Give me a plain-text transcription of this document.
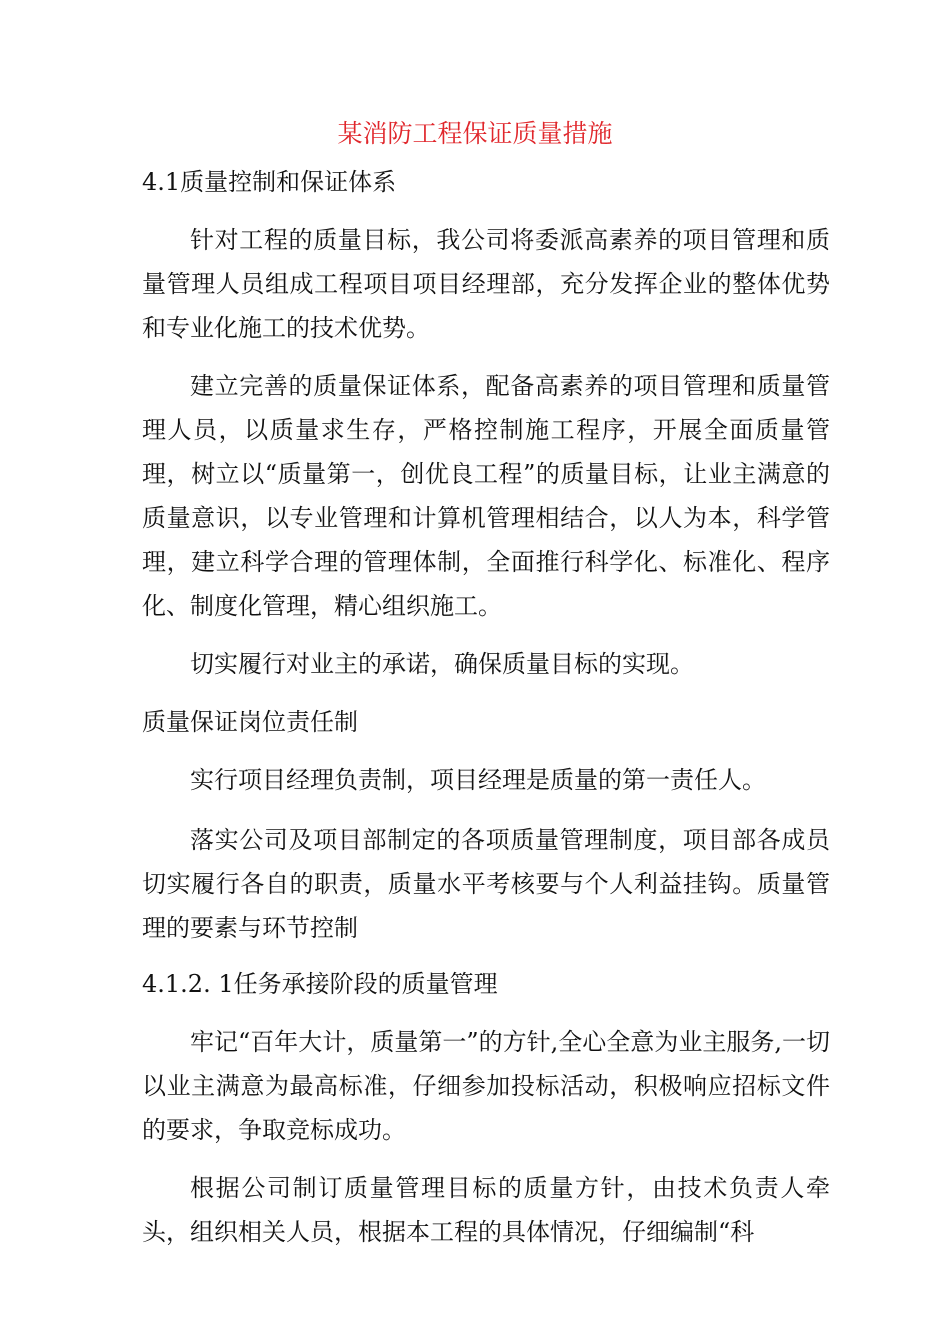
某消防工程保证质量措施
4.1质量控制和保证体系

针对工程的质量目标，我公司将委派高素养的项目管理和质量管理人员组成工程项目项目经理部，充分发挥企业的整体优势和专业化施工的技术优势。

建立完善的质量保证体系，配备高素养的项目管理和质量管理人员，以质量求生存，严格控制施工程序，开展全面质量管理，树立以“质量第一，创优良工程”的质量目标，让业主满意的质量意识，以专业管理和计算机管理相结合，以人为本，科学管理，建立科学合理的管理体制，全面推行科学化、标准化、程序化、制度化管理，精心组织施工。

切实履行对业主的承诺，确保质量目标的实现。

质量保证岗位责任制

实行项目经理负责制，项目经理是质量的第一责任人。

落实公司及项目部制定的各项质量管理制度，项目部各成员切实履行各自的职责，质量水平考核要与个人利益挂钩。质量管理的要素与环节控制

4.1.2. 1任务承接阶段的质量管理

牢记“百年大计，质量第一”的方针,全心全意为业主服务,一切以业主满意为最高标准，仔细参加投标活动，积极响应招标文件的要求，争取竞标成功。

根据公司制订质量管理目标的质量方针，由技术负责人牵头，组织相关人员，根据本工程的具体情况，仔细编制“科
